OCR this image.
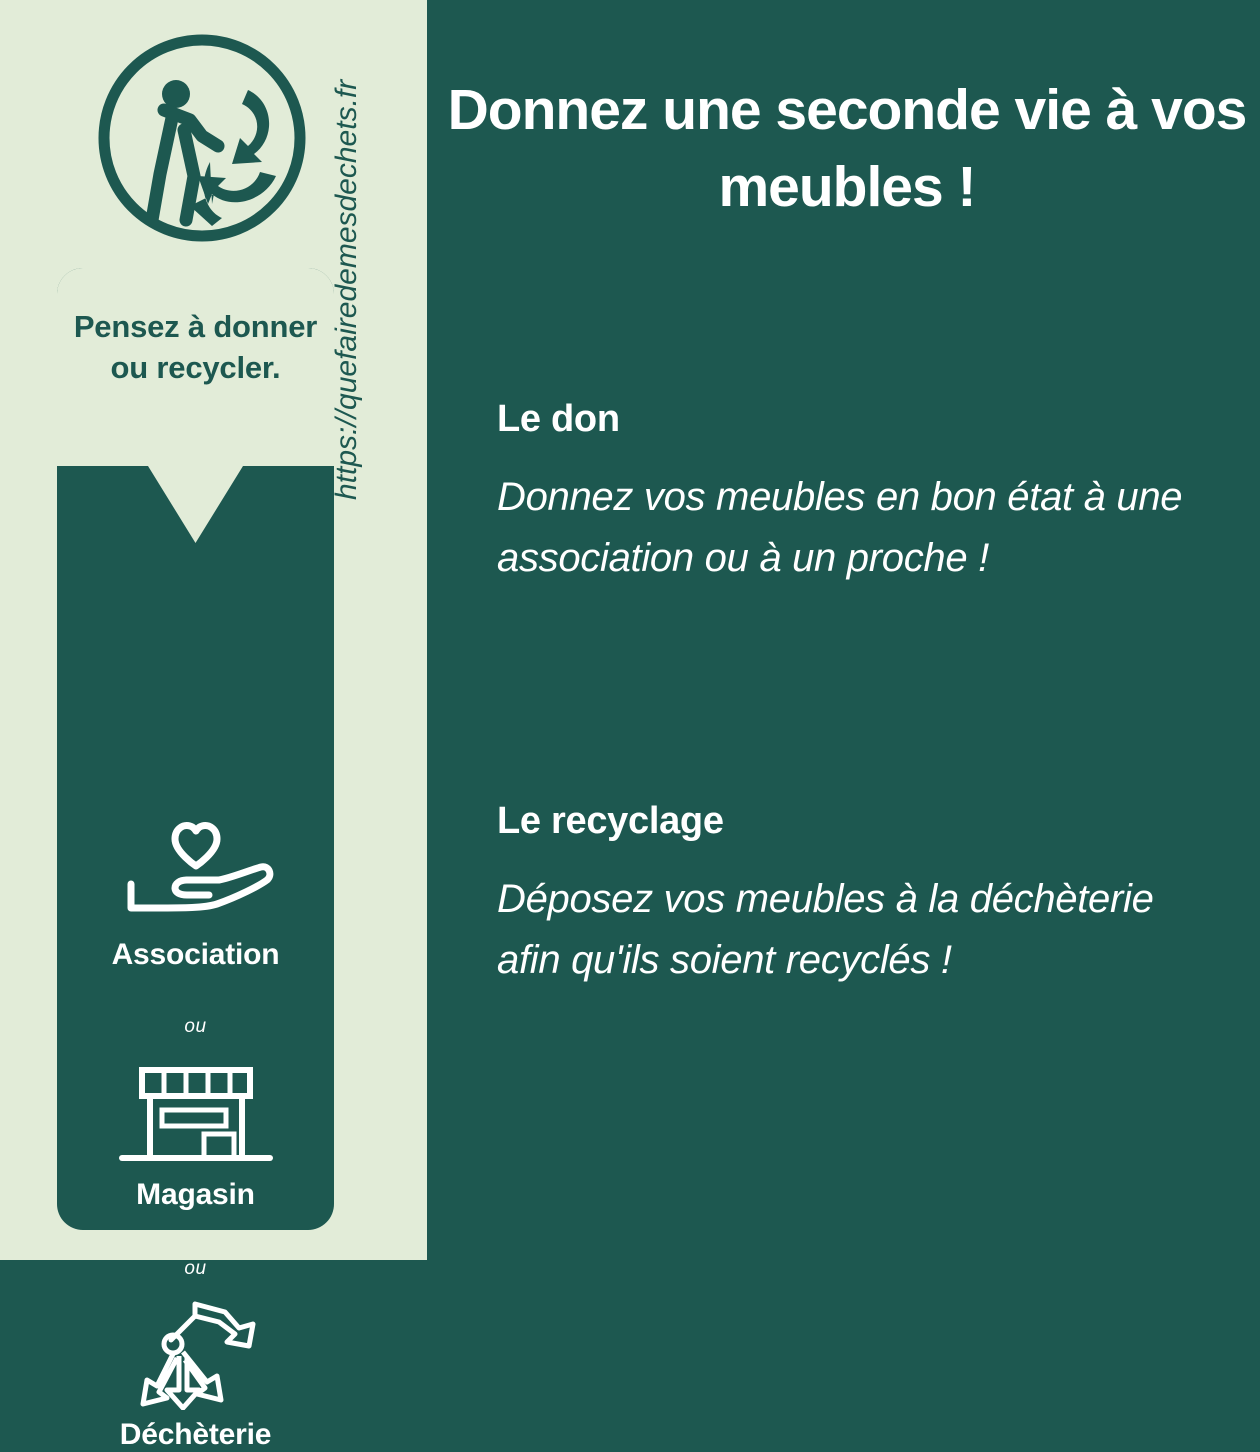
Pensez à donner ou recycler.
Association
ou
Magasin
ou
Déchèterie
https://quefairedemesdechets.fr Donnez une seconde vie à vos meubles !
Le don
Donnez vos meubles en bon état à une association ou à un proche !
Le recyclage
Déposez vos meubles à la déchèterie afin qu'ils soient recyclés !
